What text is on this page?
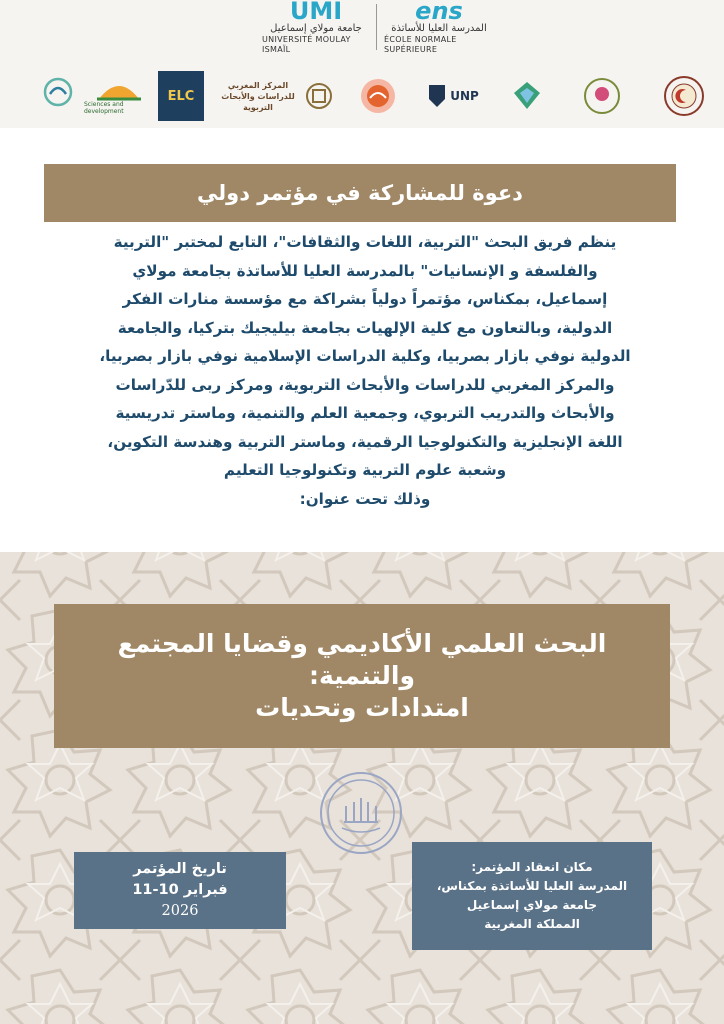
UMI
جامعة مولاي إسماعيل
UNIVERSITÉ MOULAY ISMAÏL
ens
المدرسة العليا للأساتذة
ÉCOLE NORMALE SUPÉRIEURE
Sciences and development
ELC
المركز المغربي للدراسات والأبحاث التربوية
UNP
دعوة للمشاركة في مؤتمر دولي

ينظم فريق البحث "التربية، اللغات والثقافات"، التابع لمختبر "التربية

والفلسفة و الإنسانيات" بالمدرسة العليا للأساتذة بجامعة مولاي

إسماعيل، بمكناس، مؤتمراً دولياً بشراكة مع مؤسسة منارات الفكر

الدولية، وبالتعاون مع كلية الإلهيات بجامعة بيليجيك بتركيا، والجامعة

الدولية نوفي بازار بصربيا، وكلية الدراسات الإسلامية نوفي بازار بصربيا،

والمركز المغربي للدراسات والأبحاث التربوية، ومركز ربى للدّراسات

والأبحاث والتدريب التربوي، وجمعية العلم والتنمية، وماستر تدريسية

اللغة الإنجليزية والتكنولوجيا الرقمية، وماستر التربية وهندسة التكوين،

وشعبة علوم التربية وتكنولوجيا التعليم

وذلك تحت عنوان:

البحث العلمي الأكاديمي وقضايا المجتمع
والتنمية:
امتدادات وتحديات
تاريخ المؤتمر
فبراير 10-11
2026
مكان انعقاد المؤتمر:
المدرسة العليا للأساتذة بمكناس،
جامعة مولاي إسماعيل
المملكة المغربية
